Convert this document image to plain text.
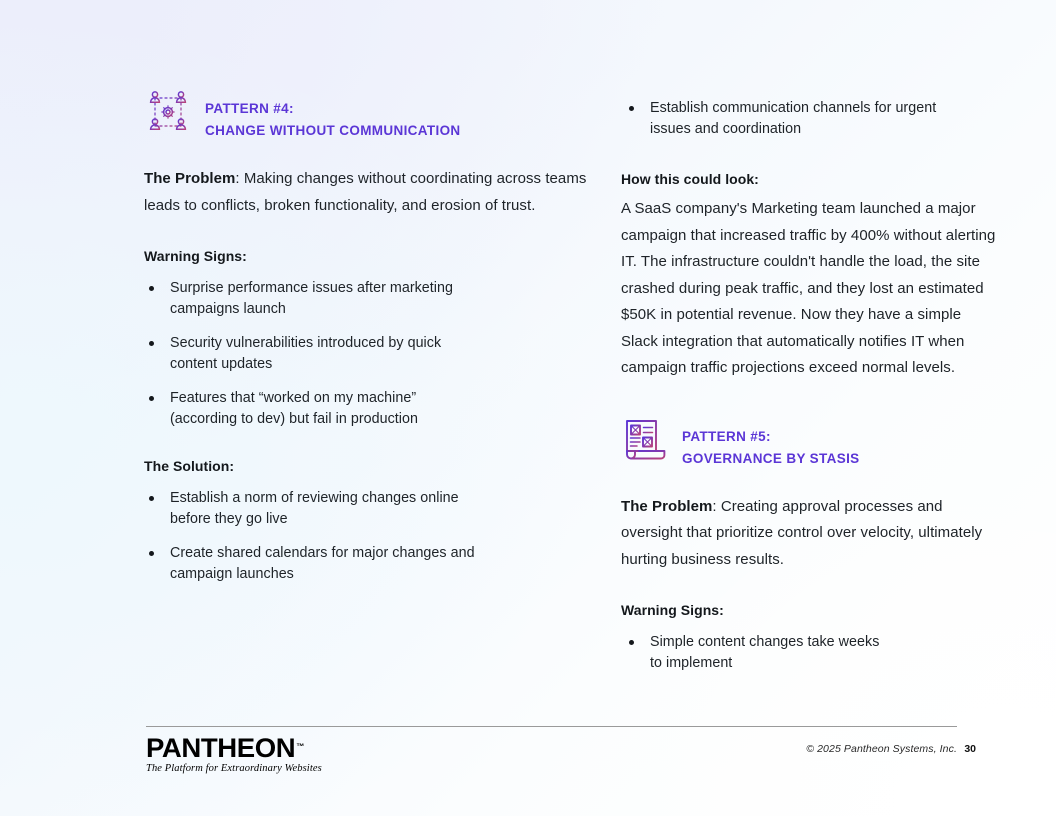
PATTERN #4:
CHANGE WITHOUT COMMUNICATION

The Problem: Making changes without coordinating across teams leads to conflicts, broken functionality, and erosion of trust.

Warning Signs:
Surprise performance issues after marketing
campaigns launch
Security vulnerabilities introduced by quick
content updates
Features that “worked on my machine”
(according to dev) but fail in production
The Solution:
Establish a norm of reviewing changes online
before they go live
Create shared calendars for major changes and
campaign launches
Establish communication channels for urgent
issues and coordination
How this could look:

A SaaS company's Marketing team launched a major campaign that increased traffic by 400% without alerting IT. The infrastructure couldn't handle the load, the site crashed during peak traffic, and they lost an estimated $50K in potential revenue. Now they have a simple Slack integration that automatically notifies IT when campaign traffic projections exceed normal levels.

PATTERN #5:
GOVERNANCE BY STASIS

The Problem: Creating approval processes and oversight that prioritize control over velocity, ultimately hurting business results.

Warning Signs:
Simple content changes take weeks
to implement
PANTHEON ™
The Platform for Extraordinary Websites
© 2025 Pantheon Systems, Inc. 30
